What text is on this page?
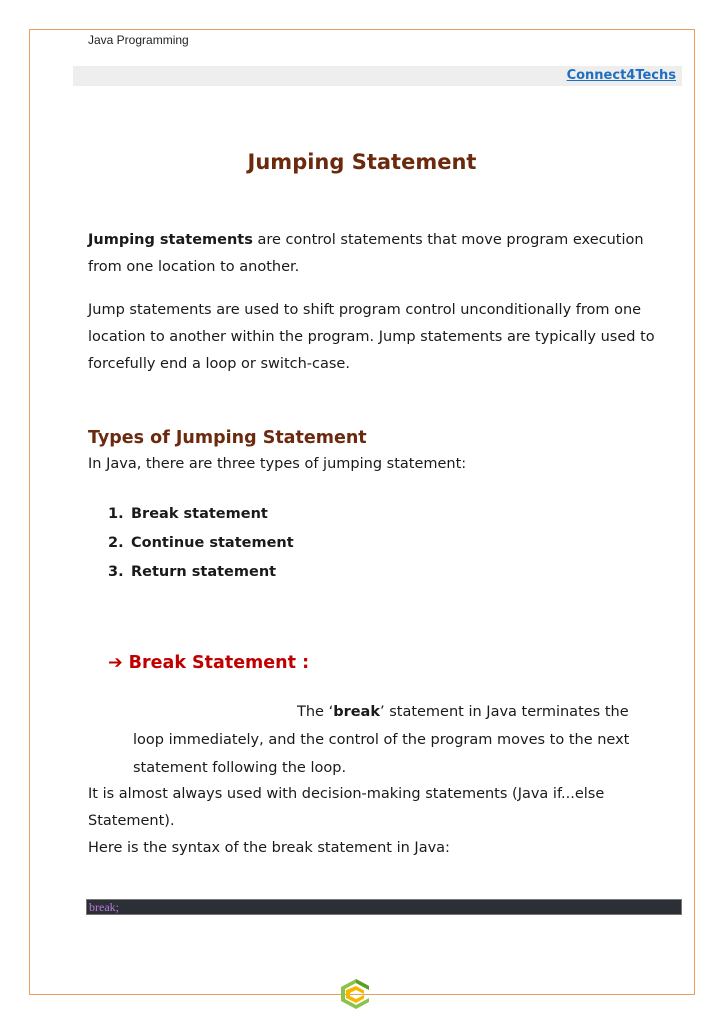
Java Programming
Connect4Techs
Jumping Statement

Jumping statements are control statements that move program execution from one location to another.

Jump statements are used to shift program control unconditionally from one location to another within the program. Jump statements are typically used to forcefully end a loop or switch-case.

Types of Jumping Statement

In Java, there are three types of jumping statement:

1. Break statement
2. Continue statement
3. Return statement
➔ Break Statement :

The ‘break’ statement in Java terminates the loop immediately, and the control of the program moves to the next statement following the loop.

It is almost always used with decision-making statements (Java if...else Statement).
Here is the syntax of the break statement in Java:
break;
